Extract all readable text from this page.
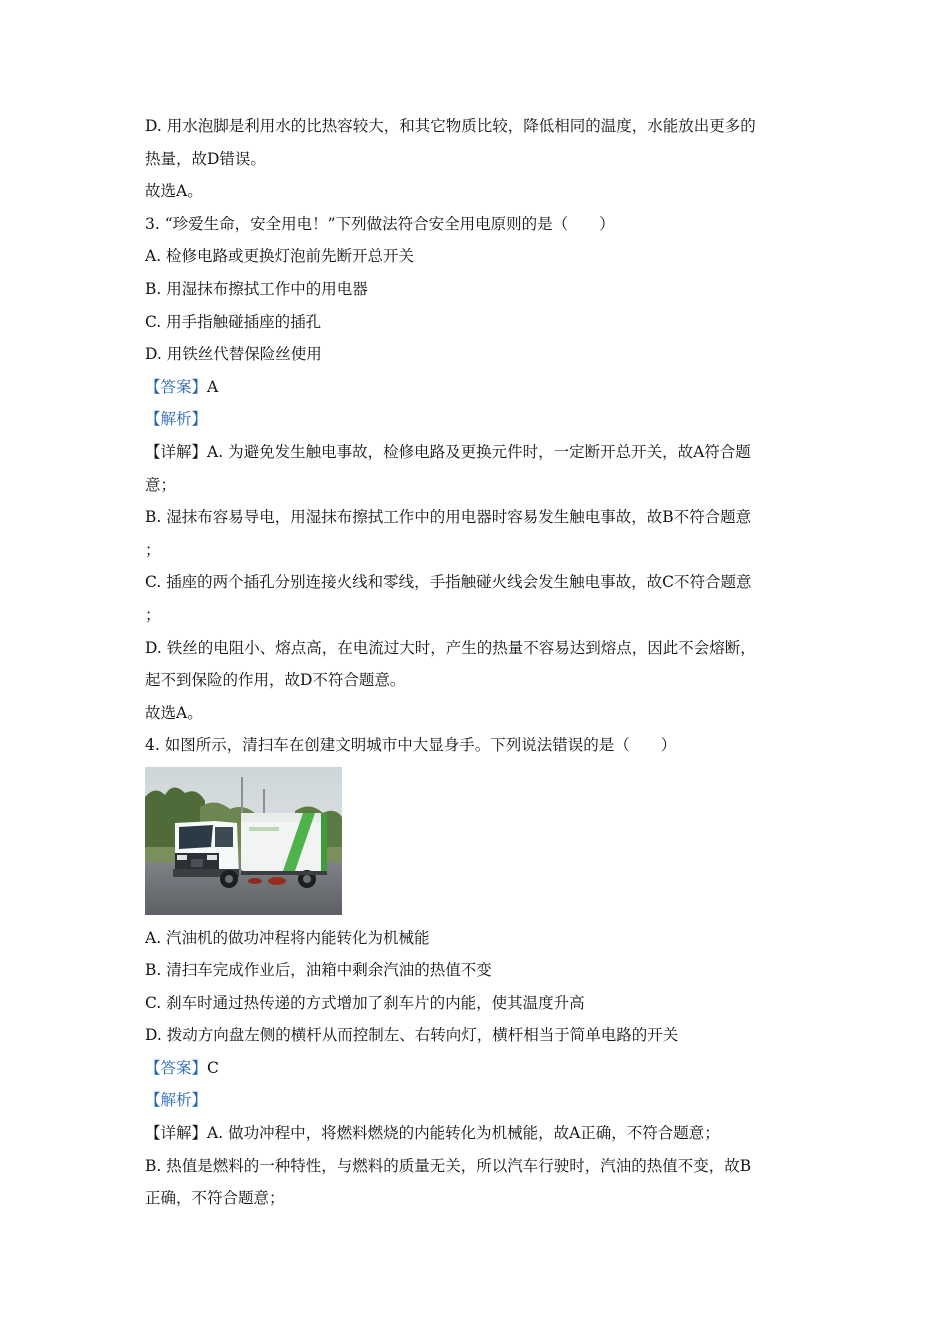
D. 用水泡脚是利用水的比热容较大，和其它物质比较，降低相同的温度，水能放出更多的
热量，故D错误。
故选A。
3. “珍爱生命，安全用电！”下列做法符合安全用电原则的是（　　）
A. 检修电路或更换灯泡前先断开总开关
B. 用湿抹布擦拭工作中的用电器
C. 用手指触碰插座的插孔
D. 用铁丝代替保险丝使用
【答案】A
【解析】
【详解】A. 为避免发生触电事故，检修电路及更换元件时，一定断开总开关，故A符合题
意；
B. 湿抹布容易导电，用湿抹布擦拭工作中的用电器时容易发生触电事故，故B不符合题意
；
C. 插座的两个插孔分别连接火线和零线，手指触碰火线会发生触电事故，故C不符合题意
；
D. 铁丝的电阻小、熔点高，在电流过大时，产生的热量不容易达到熔点，因此不会熔断，
起不到保险的作用，故D不符合题意。
故选A。
4. 如图所示，清扫车在创建文明城市中大显身手。下列说法错误的是（　　）
A. 汽油机的做功冲程将内能转化为机械能
B. 清扫车完成作业后，油箱中剩余汽油的热值不变
C. 刹车时通过热传递的方式增加了刹车片的内能，使其温度升高
D. 拨动方向盘左侧的横杆从而控制左、右转向灯，横杆相当于简单电路的开关
【答案】C
【解析】
【详解】A. 做功冲程中，将燃料燃烧的内能转化为机械能，故A正确，不符合题意；
B. 热值是燃料的一种特性，与燃料的质量无关，所以汽车行驶时，汽油的热值不变，故B
正确，不符合题意；
